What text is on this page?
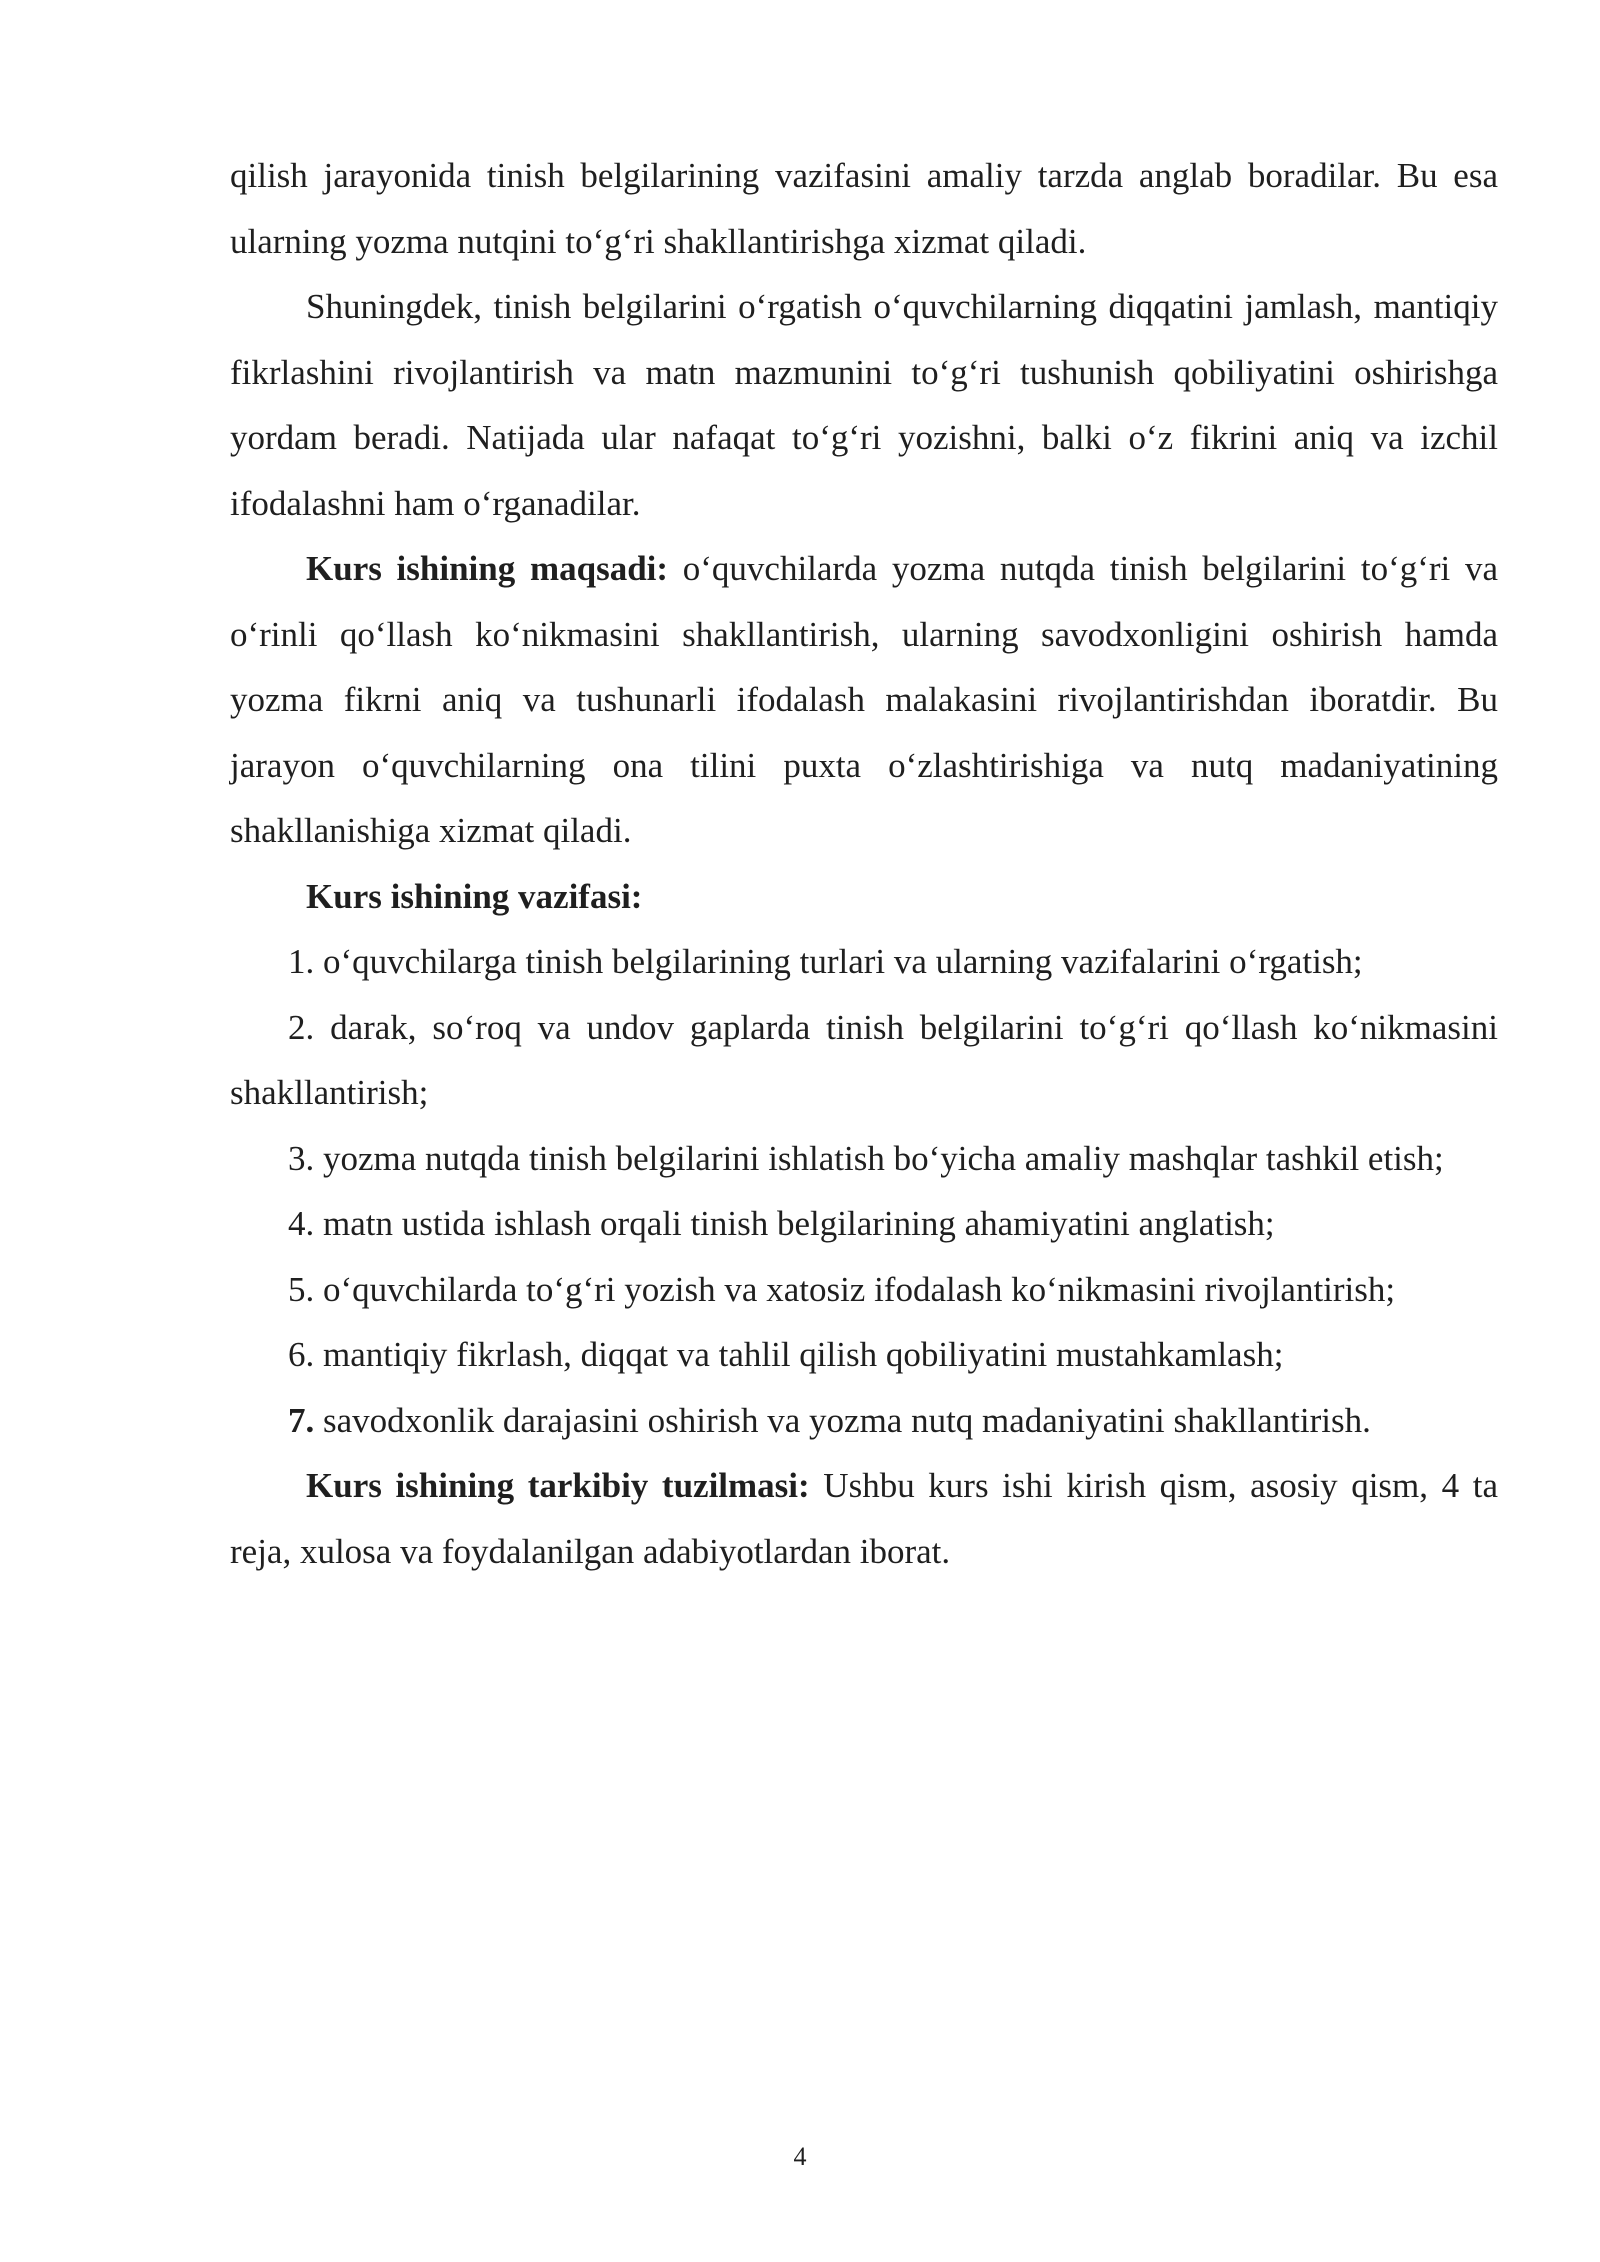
qilish jarayonida tinish belgilarining vazifasini amaliy tarzda anglab boradilar. Bu esa ularning yozma nutqini to‘g‘ri shakllantirishga xizmat qiladi.

Shuningdek, tinish belgilarini o‘rgatish o‘quvchilarning diqqatini jamlash, mantiqiy fikrlashini rivojlantirish va matn mazmunini to‘g‘ri tushunish qobiliyatini oshirishga yordam beradi. Natijada ular nafaqat to‘g‘ri yozishni, balki o‘z fikrini aniq va izchil ifodalashni ham o‘rganadilar.

Kurs ishining maqsadi: o‘quvchilarda yozma nutqda tinish belgilarini to‘g‘ri va o‘rinli qo‘llash ko‘nikmasini shakllantirish, ularning savodxonligini oshirish hamda yozma fikrni aniq va tushunarli ifodalash malakasini rivojlantirishdan iboratdir. Bu jarayon o‘quvchilarning ona tilini puxta o‘zlashtirishiga va nutq madaniyatining shakllanishiga xizmat qiladi.

Kurs ishining vazifasi:

1. o‘quvchilarga tinish belgilarining turlari va ularning vazifalarini o‘rgatish;

2. darak, so‘roq va undov gaplarda tinish belgilarini to‘g‘ri qo‘llash ko‘nikmasini shakllantirish;

3. yozma nutqda tinish belgilarini ishlatish bo‘yicha amaliy mashqlar tashkil etish;

4. matn ustida ishlash orqali tinish belgilarining ahamiyatini anglatish;

5. o‘quvchilarda to‘g‘ri yozish va xatosiz ifodalash ko‘nikmasini rivojlantirish;

6. mantiqiy fikrlash, diqqat va tahlil qilish qobiliyatini mustahkamlash;

7. savodxonlik darajasini oshirish va yozma nutq madaniyatini shakllantirish.

Kurs ishining tarkibiy tuzilmasi: Ushbu kurs ishi kirish qism, asosiy qism, 4 ta reja, xulosa va foydalanilgan adabiyotlardan iborat.

4
